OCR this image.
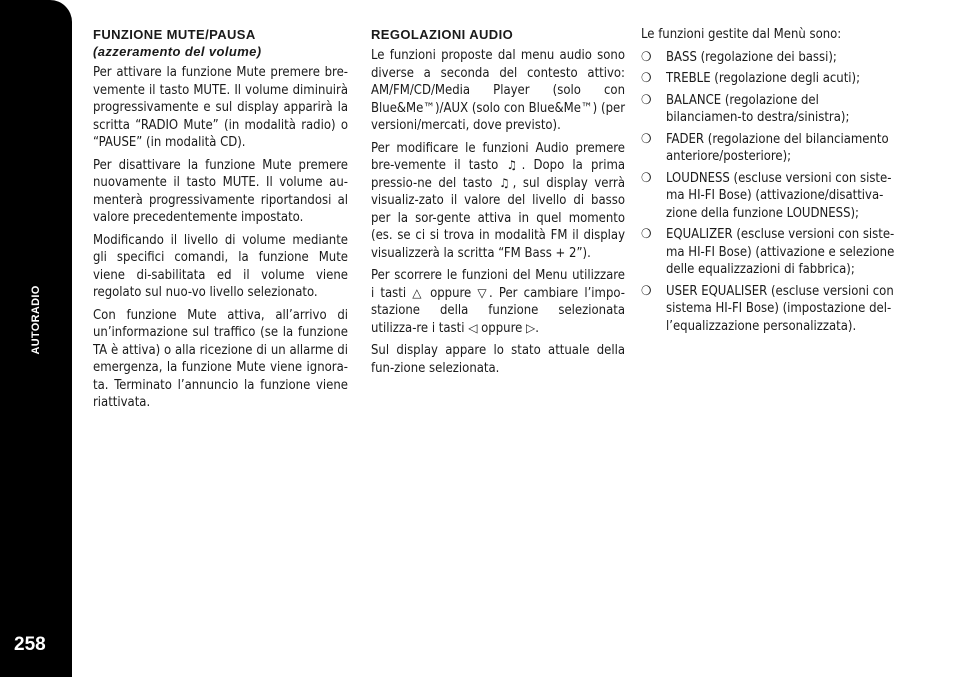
AUTORADIO
258
FUNZIONE MUTE/PAUSA
(azzeramento del volume)

Per attivare la funzione Mute premere bre-vemente il tasto MUTE. Il volume diminuirà progressivamente e sul display apparirà la scritta “RADIO Mute” (in modalità radio) o “PAUSE” (in modalità CD).

Per disattivare la funzione Mute premere nuovamente il tasto MUTE. Il volume au-menterà progressivamente riportandosi al valore precedentemente impostato.

Modificando il livello di volume mediante gli specifici comandi, la funzione Mute viene di-sabilitata ed il volume viene regolato sul nuo-vo livello selezionato.

Con funzione Mute attiva, all’arrivo di un’informazione sul traffico (se la funzione TA è attiva) o alla ricezione di un allarme di emergenza, la funzione Mute viene ignora-ta. Terminato l’annuncio la funzione viene riattivata.

REGOLAZIONI AUDIO

Le funzioni proposte dal menu audio sono diverse a seconda del contesto attivo: AM/FM/CD/Media Player (solo con Blue&Me™)/AUX (solo con Blue&Me™) (per versioni/mercati, dove previsto).

Per modificare le funzioni Audio premere bre-vemente il tasto ♫. Dopo la prima pressio-ne del tasto ♫, sul display verrà visualiz-zato il valore del livello di basso per la sor-gente attiva in quel momento (es. se ci si trova in modalità FM il display visualizzerà la scritta “FM Bass + 2”).

Per scorrere le funzioni del Menu utilizzare i tasti △ oppure ▽. Per cambiare l’impo-stazione della funzione selezionata utilizza-re i tasti ◁ oppure ▷.

Sul display appare lo stato attuale della fun-zione selezionata.

Le funzioni gestite dal Menù sono:

❍ BASS (regolazione dei bassi);
❍ TREBLE (regolazione degli acuti);
❍ BALANCE (regolazione del bilanciamen-to destra/sinistra);
❍ FADER (regolazione del bilanciamento anteriore/posteriore);
❍ LOUDNESS (escluse versioni con siste-ma HI-FI Bose) (attivazione/disattiva-zione della funzione LOUDNESS);
❍ EQUALIZER (escluse versioni con siste-ma HI-FI Bose) (attivazione e selezione delle equalizzazioni di fabbrica);
❍ USER EQUALISER (escluse versioni con sistema HI-FI Bose) (impostazione del-l’equalizzazione personalizzata).
